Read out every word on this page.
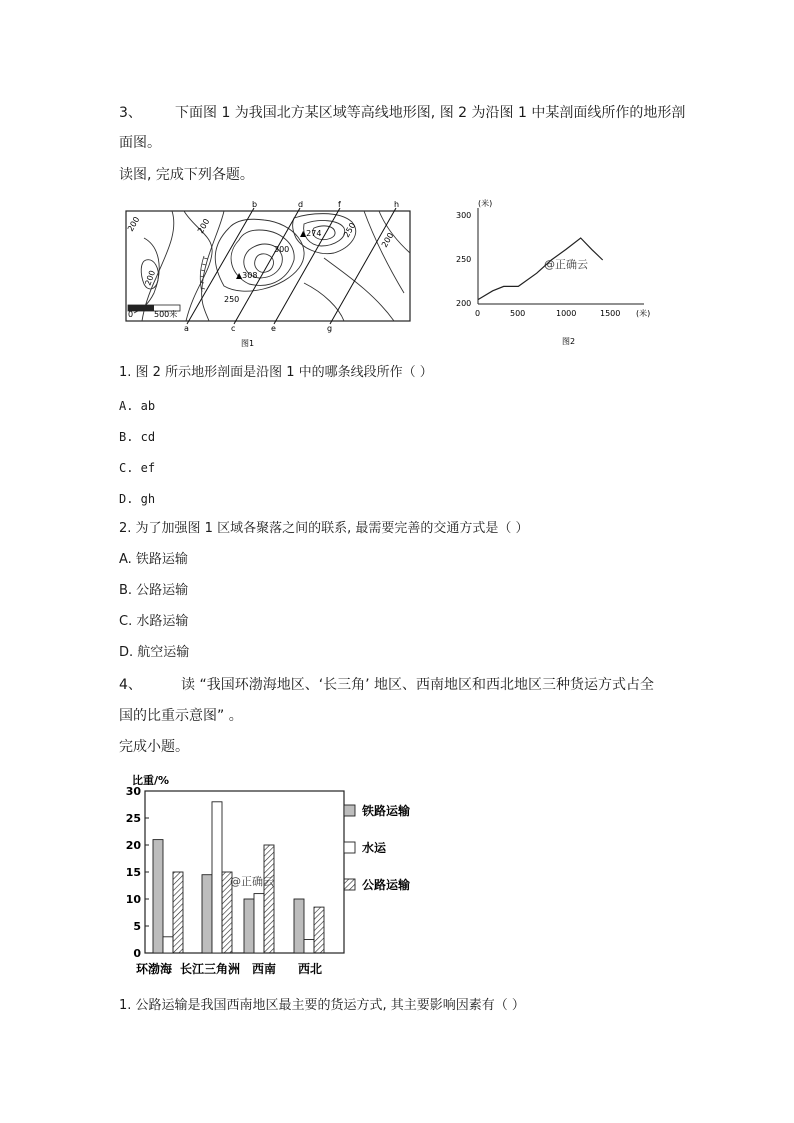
3、 下面图 1 为我国北方某区域等高线地形图, 图 2 为沿图 1 中某剖面线所作的地形剖
面图。
读图, 完成下列各题。
0	500米
200
200
200
250
300
250
200
▲308
▲274
b	d	f	h
a	c	e	g
图1
(米)
300
250
200
0	500	1000	1500 (米)
@正确云
图2
1. 图 2 所示地形剖面是沿图 1 中的哪条线段所作（ ）
A. ab
B. cd
C. ef
D. gh
2. 为了加强图 1 区域各聚落之间的联系, 最需要完善的交通方式是（ ）
A. 铁路运输
B. 公路运输
C. 水路运输
D. 航空运输
4、	读 “我国环渤海地区、‘长三角’ 地区、西南地区和西北地区三种货运方式占全
国的比重示意图” 。
完成小题。
比重/%
30
25
20
15
10
5
0
环渤海 长江三角洲 西南 西北
@正确云
铁路运输
水运
公路运输
1. 公路运输是我国西南地区最主要的货运方式, 其主要影响因素有（ ）
